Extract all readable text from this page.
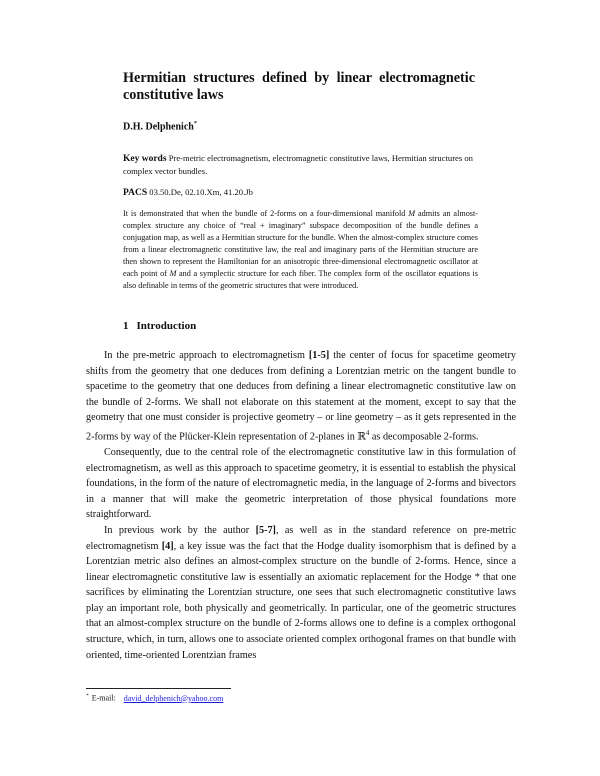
Hermitian structures defined by linear electromagnetic
constitutive laws
D.H. Delphenich*
Key words Pre-metric electromagnetism, electromagnetic constitutive laws, Hermitian structures on complex vector bundles.
PACS 03.50.De, 02.10.Xm, 41.20.Jb
It is demonstrated that when the bundle of 2-forms on a four-dimensional manifold M admits an almost-complex structure any choice of “real + imaginary” subspace decomposition of the bundle defines a conjugation map, as well as a Hermitian structure for the bundle. When the almost-complex structure comes from a linear electromagnetic constitutive law, the real and imaginary parts of the Hermitian structure are then shown to represent the Hamiltonian for an anisotropic three-dimensional electromagnetic oscillator at each point of M and a symplectic structure for each fiber. The complex form of the oscillator equations is also definable in terms of the geometric structures that were introduced.
1 Introduction

In the pre-metric approach to electromagnetism [1-5] the center of focus for spacetime geometry shifts from the geometry that one deduces from defining a Lorentzian metric on the tangent bundle to spacetime to the geometry that one deduces from defining a linear electromagnetic constitutive law on the bundle of 2-forms. We shall not elaborate on this statement at the moment, except to say that the geometry that one must consider is projective geometry – or line geometry – as it gets represented in the 2-forms by way of the Plücker-Klein representation of 2-planes in ℝ$^4$ as decomposable 2-forms.

Consequently, due to the central role of the electromagnetic constitutive law in this formulation of electromagnetism, as well as this approach to spacetime geometry, it is essential to establish the physical foundations, in the form of the nature of electromagnetic media, in the language of 2-forms and bivectors in a manner that will make the geometric interpretation of those physical foundations more straightforward.

In previous work by the author [5-7], as well as in the standard reference on pre-metric electromagnetism [4], a key issue was the fact that the Hodge duality isomorphism that is defined by a Lorentzian metric also defines an almost-complex structure on the bundle of 2-forms. Hence, since a linear electromagnetic constitutive law is essentially an axiomatic replacement for the Hodge * that one sacrifices by eliminating the Lorentzian structure, one sees that such electromagnetic constitutive laws play an important role, both physically and geometrically. In particular, one of the geometric structures that an almost-complex structure on the bundle of 2-forms allows one to define is a complex orthogonal structure, which, in turn, allows one to associate oriented complex orthogonal frames on that bundle with oriented, time-oriented Lorentzian frames

* E-mail: david_delphenich@yahoo.com
